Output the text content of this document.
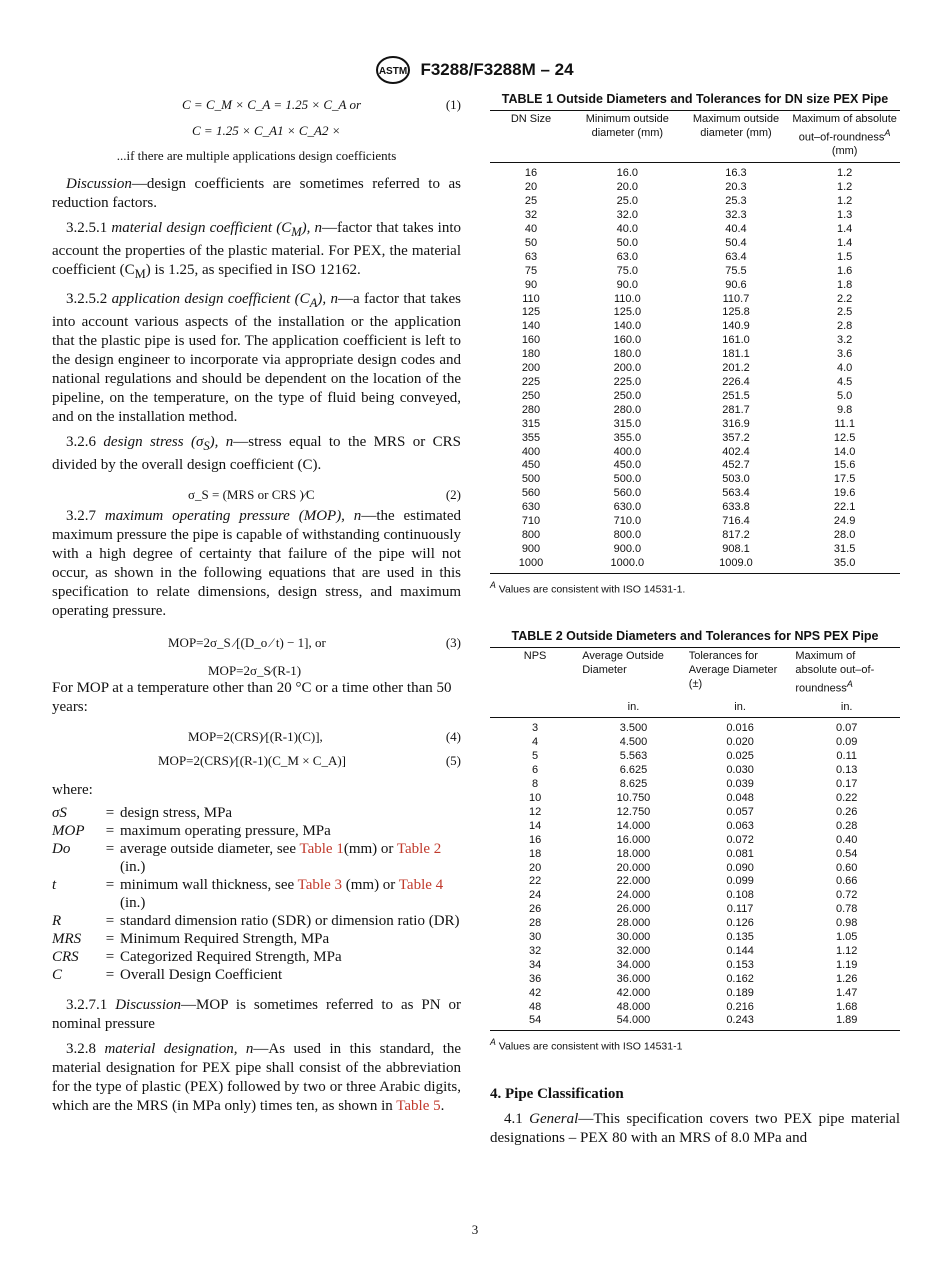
ASTM F3288/F3288M – 24
C = C_M × C_A = 1.25 × C_A or	(1)
C = 1.25 × C_A1 × C_A2 ×
...if there are multiple applications design coefficients

Discussion—design coefficients are sometimes referred to as reduction factors.

3.2.5.1 material design coefficient $(C_M)$, n—factor that takes into account the properties of the plastic material. For PEX, the material coefficient $(C_M)$ is 1.25, as specified in ISO 12162.

3.2.5.2 application design coefficient $(C_A)$, n—a factor that takes into account various aspects of the installation or the application that the plastic pipe is used for. The application coefficient is left to the design engineer to incorporate via appropriate design codes and national regulations and should be dependent on the location of the pipeline, on the temperature, on the type of fluid being conveyed, and on the installation method.

3.2.6 design stress $(\sigma_S)$, n—stress equal to the MRS or CRS divided by the overall design coefficient (C).

σ_S = (MRS or CRS )⁄C	(2)

3.2.7 maximum operating pressure (MOP), n—the estimated maximum pressure the pipe is capable of withstanding continuously with a high degree of certainty that failure of the pipe will not occur, as shown in the following equations that are used in this specification to relate dimensions, design stress, and maximum operating pressure.

MOP=2σ_S ⁄[(D_o ⁄ t) − 1], or	(3)
MOP=2σ_S⁄(R-1)

For MOP at a temperature other than 20 °C or a time other than 50 years:

MOP=2(CRS)⁄[(R-1)(C)],	(4)
MOP=2(CRS)⁄[(R-1)(C_M × C_A)]	(5)
where:
σS	=	design stress, MPa
MOP	=	maximum operating pressure, MPa
Do	=	average outside diameter, see Table 1(mm) or Table 2 (in.)
t	=	minimum wall thickness, see Table 3 (mm) or Table 4 (in.)
R	=	standard dimension ratio (SDR) or dimension ratio (DR)
MRS	=	Minimum Required Strength, MPa
CRS	=	Categorized Required Strength, MPa
C	=	Overall Design Coefficient

3.2.7.1 Discussion—MOP is sometimes referred to as PN or nominal pressure

3.2.8 material designation, n—As used in this standard, the material designation for PEX pipe shall consist of the abbreviation for the type of plastic (PEX) followed by two or three Arabic digits, which are the MRS (in MPa only) times ten, as shown in Table 5.

TABLE 1 Outside Diameters and Tolerances for DN size PEX Pipe
DN Size	Minimum outside diameter (mm)	Maximum outside diameter (mm)	Maximum of absolute out–of-roundness$^A$
(mm)
16	16.0	16.3	1.2
20	20.0	20.3	1.2
25	25.0	25.3	1.2
32	32.0	32.3	1.3
40	40.0	40.4	1.4
50	50.0	50.4	1.4
63	63.0	63.4	1.5
75	75.0	75.5	1.6
90	90.0	90.6	1.8
110	110.0	110.7	2.2
125	125.0	125.8	2.5
140	140.0	140.9	2.8
160	160.0	161.0	3.2
180	180.0	181.1	3.6
200	200.0	201.2	4.0
225	225.0	226.4	4.5
250	250.0	251.5	5.0
280	280.0	281.7	9.8
315	315.0	316.9	11.1
355	355.0	357.2	12.5
400	400.0	402.4	14.0
450	450.0	452.7	15.6
500	500.0	503.0	17.5
560	560.0	563.4	19.6
630	630.0	633.8	22.1
710	710.0	716.4	24.9
800	800.0	817.2	28.0
900	900.0	908.1	31.5
1000	1000.0	1009.0	35.0
$^A$ Values are consistent with ISO 14531-1.
TABLE 2 Outside Diameters and Tolerances for NPS PEX Pipe
NPS	Average Outside Diameter	Tolerances for Average Diameter (±)	Maximum of absolute out–of-roundness$^A$
	in.	in.	in.
3	3.500	0.016	0.07
4	4.500	0.020	0.09
5	5.563	0.025	0.11
6	6.625	0.030	0.13
8	8.625	0.039	0.17
10	10.750	0.048	0.22
12	12.750	0.057	0.26
14	14.000	0.063	0.28
16	16.000	0.072	0.40
18	18.000	0.081	0.54
20	20.000	0.090	0.60
22	22.000	0.099	0.66
24	24.000	0.108	0.72
26	26.000	0.117	0.78
28	28.000	0.126	0.98
30	30.000	0.135	1.05
32	32.000	0.144	1.12
34	34.000	0.153	1.19
36	36.000	0.162	1.26
42	42.000	0.189	1.47
48	48.000	0.216	1.68
54	54.000	0.243	1.89
$^A$ Values are consistent with ISO 14531-1
4. Pipe Classification

4.1 General—This specification covers two PEX pipe material designations – PEX 80 with an MRS of 8.0 MPa and

3
